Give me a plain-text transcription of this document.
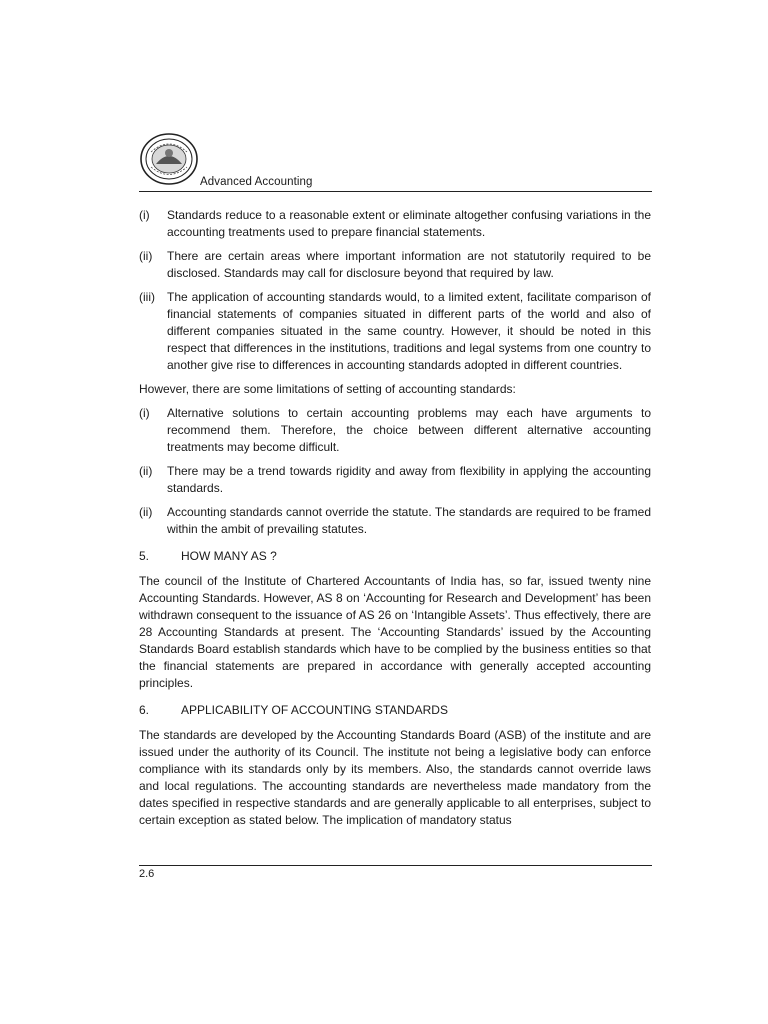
Advanced Accounting
(i)	Standards reduce to a reasonable extent or eliminate altogether confusing variations in the accounting treatments used to prepare financial statements.
(ii)	There are certain areas where important information are not statutorily required to be disclosed. Standards may call for disclosure beyond that required by law.
(iii)	The application of accounting standards would, to a limited extent, facilitate comparison of financial statements of companies situated in different parts of the world and also of different companies situated in the same country. However, it should be noted in this respect that differences in the institutions, traditions and legal systems from one country to another give rise to differences in accounting standards adopted in different countries.
However, there are some limitations of setting of accounting standards:
(i)	Alternative solutions to certain accounting problems may each have arguments to recommend them. Therefore, the choice between different alternative accounting treatments may become difficult.
(ii)	There may be a trend towards rigidity and away from flexibility in applying the accounting standards.
(ii)	Accounting standards cannot override the statute. The standards are required to be framed within the ambit of prevailing statutes.
5.	HOW MANY AS ?
The council of the Institute of Chartered Accountants of India has, so far, issued twenty nine Accounting Standards. However, AS 8 on ‘Accounting for Research and Development’ has been withdrawn consequent to the issuance of AS 26 on ‘Intangible Assets’. Thus effectively, there are 28 Accounting Standards at present. The ‘Accounting Standards’ issued by the Accounting Standards Board establish standards which have to be complied by the business entities so that the financial statements are prepared in accordance with generally accepted accounting principles.
6.	APPLICABILITY OF ACCOUNTING STANDARDS
The standards are developed by the Accounting Standards Board (ASB) of the institute and are issued under the authority of its Council. The institute not being a legislative body can enforce compliance with its standards only by its members. Also, the standards cannot override laws and local regulations. The accounting standards are nevertheless made mandatory from the dates specified in respective standards and are generally applicable to all enterprises, subject to certain exception as stated below. The implication of mandatory status
2.6
